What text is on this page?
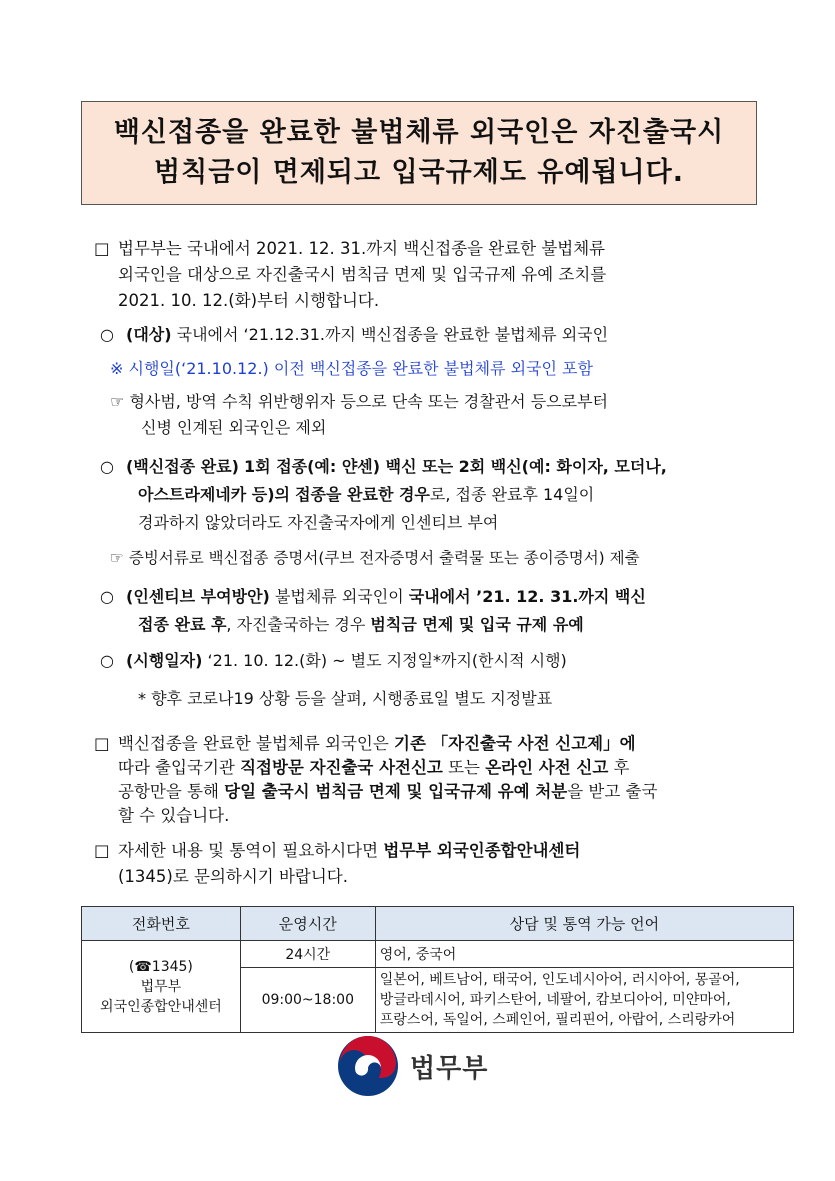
백신접종을 완료한 불법체류 외국인은 자진출국시
범칙금이 면제되고 입국규제도 유예됩니다.
□ 법무부는 국내에서 2021. 12. 31.까지 백신접종을 완료한 불법체류
외국인을 대상으로 자진출국시 범칙금 면제 및 입국규제 유예 조치를
2021. 10. 12.(화)부터 시행합니다.
○ (대상) 국내에서 ‘21.12.31.까지 백신접종을 완료한 불법체류 외국인
※ 시행일(‘21.10.12.) 이전 백신접종을 완료한 불법체류 외국인 포함
☞ 형사범, 방역 수칙 위반행위자 등으로 단속 또는 경찰관서 등으로부터
신병 인계된 외국인은 제외
○ (백신접종 완료) 1회 접종(예: 얀센) 백신 또는 2회 백신(예: 화이자, 모더나,
아스트라제네카 등)의 접종을 완료한 경우로, 접종 완료후 14일이
경과하지 않았더라도 자진출국자에게 인센티브 부여
☞ 증빙서류로 백신접종 증명서(쿠브 전자증명서 출력물 또는 종이증명서) 제출
○ (인센티브 부여방안) 불법체류 외국인이 국내에서 ’21. 12. 31.까지 백신
접종 완료 후, 자진출국하는 경우 범칙금 면제 및 입국 규제 유예
○ (시행일자) ‘21. 10. 12.(화) ~ 별도 지정일*까지(한시적 시행)
* 향후 코로나19 상황 등을 살펴, 시행종료일 별도 지정발표
□ 백신접종을 완료한 불법체류 외국인은 기존 「자진출국 사전 신고제」에
따라 출입국기관 직접방문 자진출국 사전신고 또는 온라인 사전 신고 후
공항만을 통해 당일 출국시 범칙금 면제 및 입국규제 유예 처분을 받고 출국
할 수 있습니다.
□ 자세한 내용 및 통역이 필요하시다면 법무부 외국인종합안내센터
(1345)로 문의하시기 바랍니다.
전화번호	운영시간	상담 및 통역 가능 언어

(☎1345)
법무부
외국인종합안내센터	24시간	영어, 중국어
	09:00~18:00	일본어, 베트남어, 태국어, 인도네시아어, 러시아어, 몽골어,
방글라데시어, 파키스탄어, 네팔어, 캄보디아어, 미얀마어,
프랑스어, 독일어, 스페인어, 필리핀어, 아랍어, 스리랑카어
법무부
